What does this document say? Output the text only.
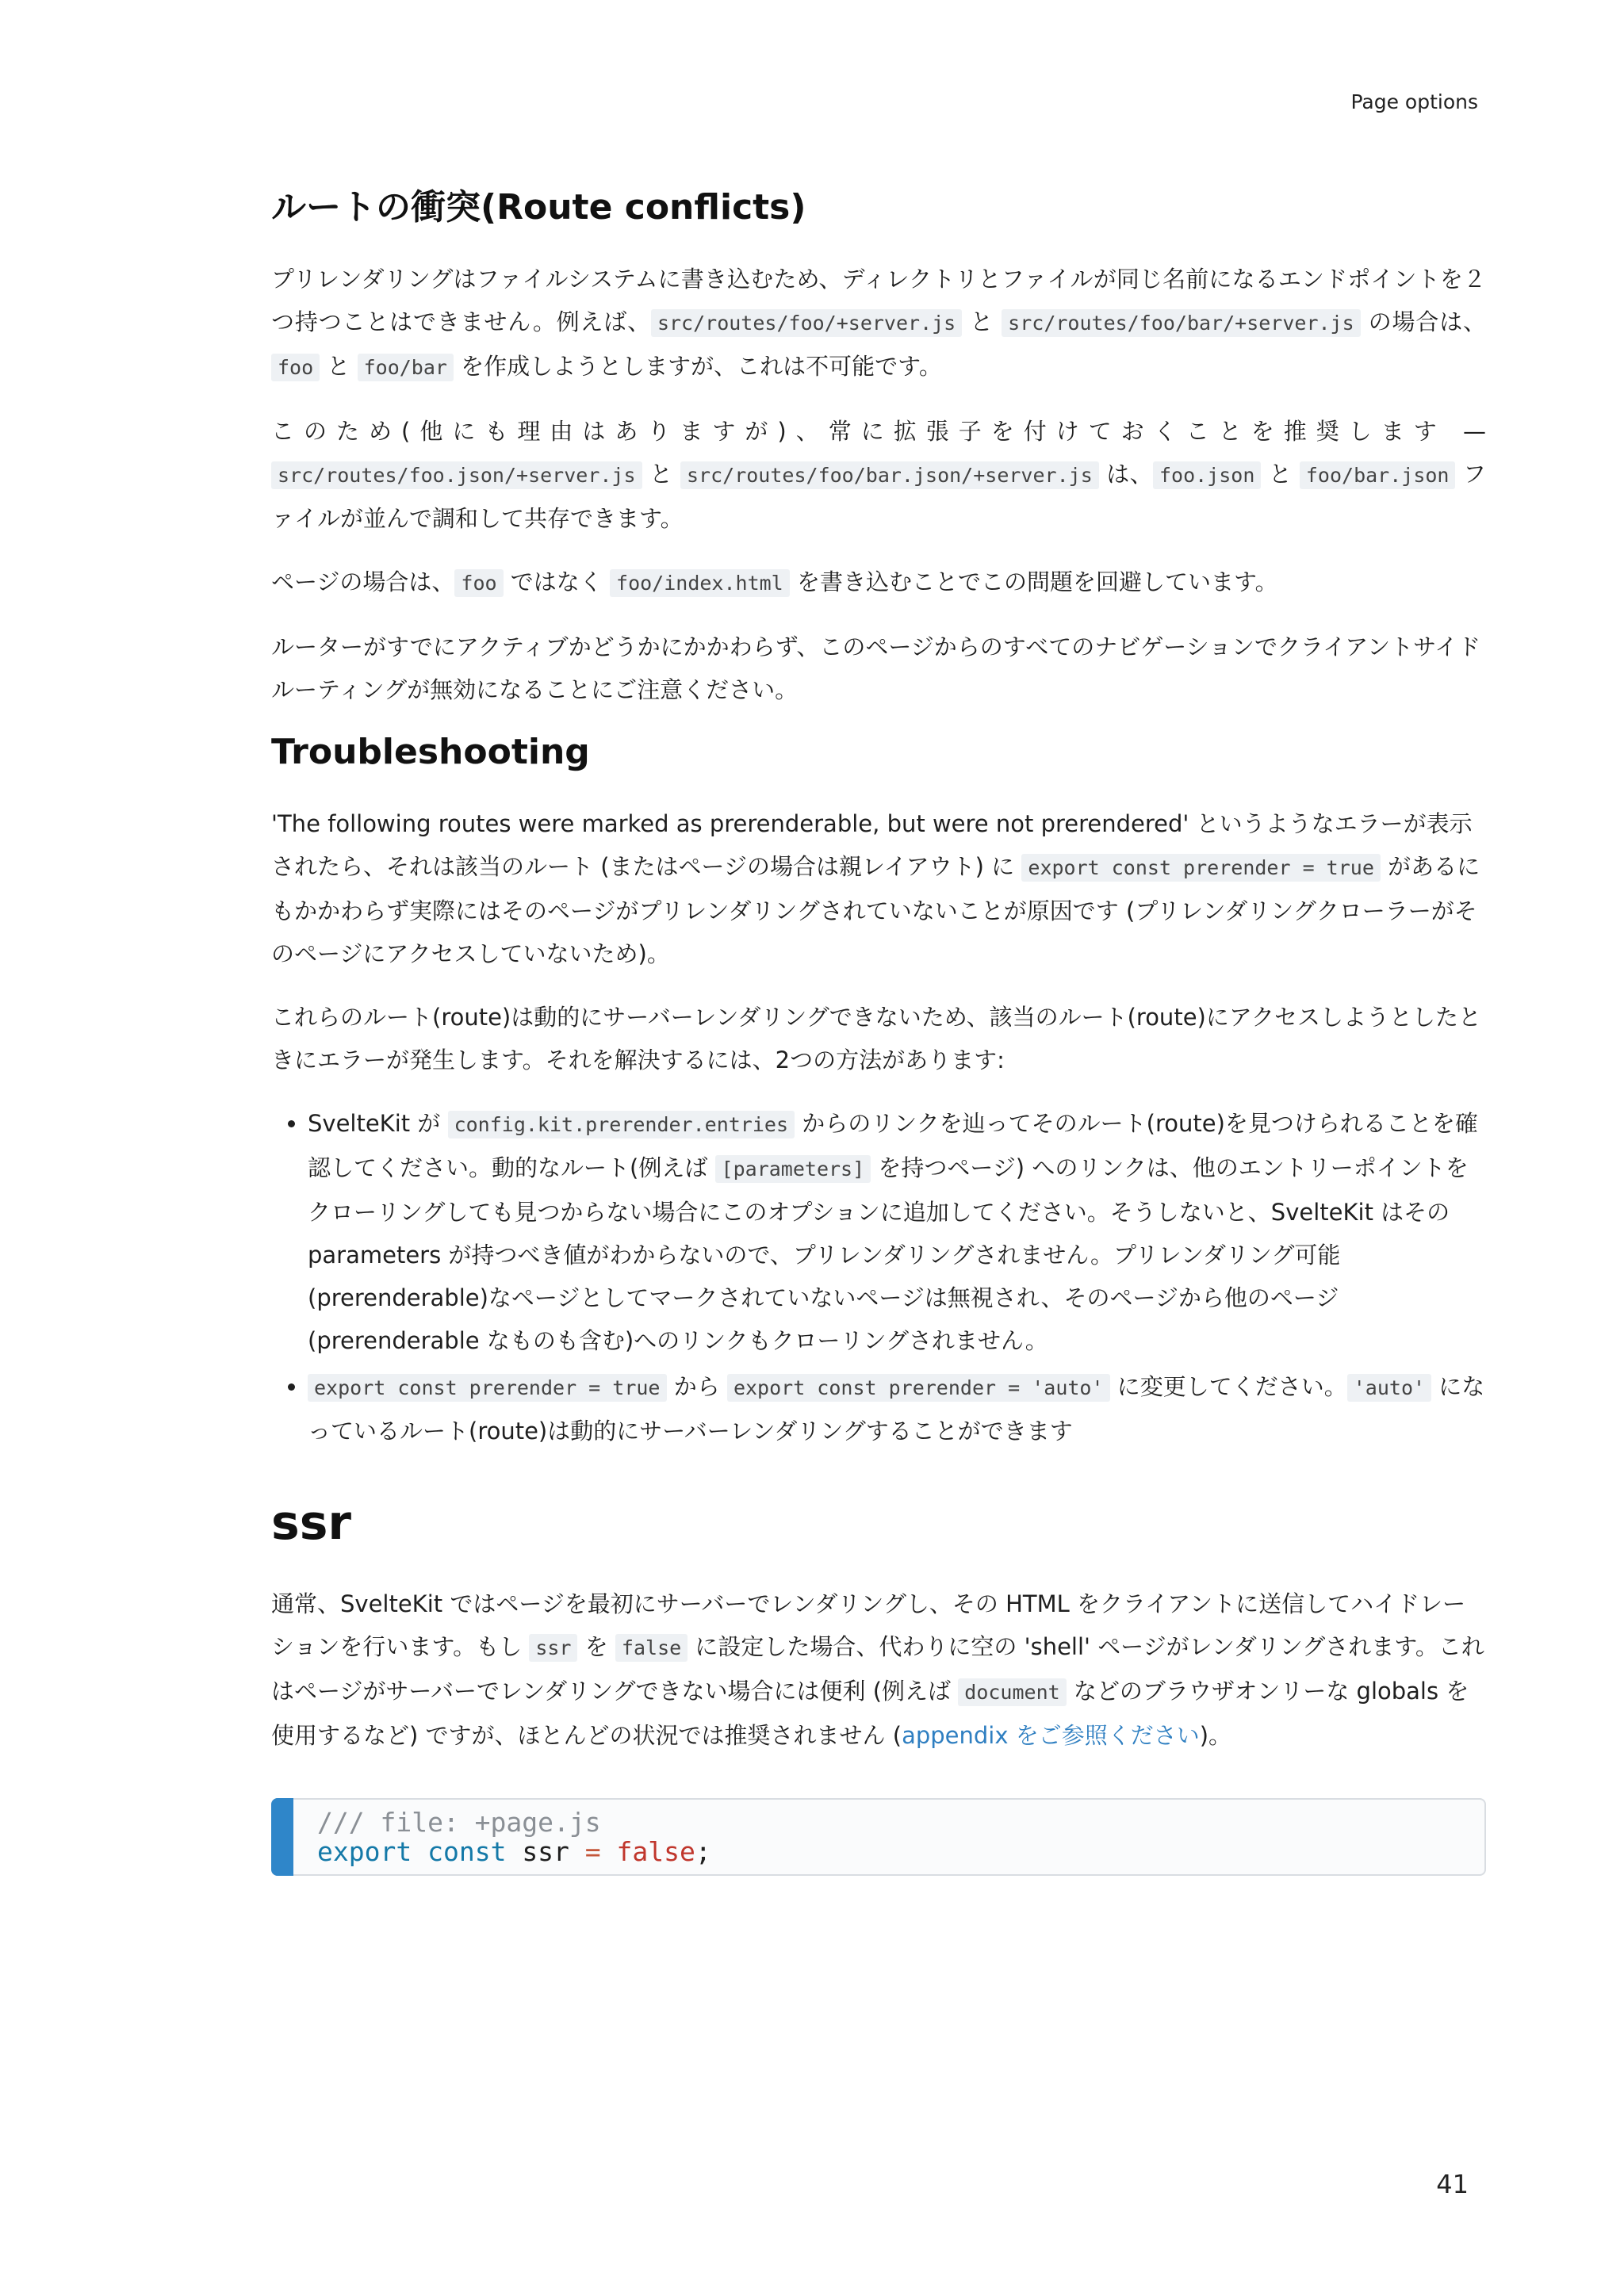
Page options
ルートの衝突(Route conflicts)

プリレンダリングはファイルシステムに書き込むため、ディレクトリとファイルが同じ名前になるエンドポイントを２つ持つことはできません。例えば、 src/routes/foo/+server.js と src/routes/foo/bar/+server.js の場合は、foo と foo/bar を作成しようとしますが、これは不可能です。

このため(他にも理由はありますが)、常に拡張子を付けておくことを推奨します — src/routes/foo.json/+server.js と src/routes/foo/bar.json/+server.js は、 foo.json と foo/bar.json ファイルが並んで調和して共存できます。

ページの場合は、 foo ではなく foo/index.html を書き込むことでこの問題を回避しています。

ルーターがすでにアクティブかどうかにかかわらず、このページからのすべてのナビゲーションでクライアントサイドルーティングが無効になることにご注意ください。

Troubleshooting

'The following routes were marked as prerenderable, but were not prerendered' というようなエラーが表示されたら、それは該当のルート (またはページの場合は親レイアウト) に export const prerender = true があるにもかかわらず実際にはそのページがプリレンダリングされていないことが原因です (プリレンダリングクローラーがそのページにアクセスしていないため)。

これらのルート(route)は動的にサーバーレンダリングできないため、該当のルート(route)にアクセスしようとしたときにエラーが発生します。それを解決するには、2つの方法があります:

• SvelteKit が config.kit.prerender.entries からのリンクを辿ってそのルート(route)を見つけられることを確認してください。動的なルート(例えば [parameters] を持つページ) へのリンクは、他のエントリーポイントをクローリングしても見つからない場合にこのオプションに追加してください。そうしないと、SvelteKit はその parameters が持つべき値がわからないので、プリレンダリングされません。プリレンダリング可能(prerenderable)なページとしてマークされていないページは無視され、そのページから他のページ(prerenderable なものも含む)へのリンクもクローリングされません。
• export const prerender = true から export const prerender = 'auto' に変更してください。 'auto' になっているルート(route)は動的にサーバーレンダリングすることができます
ssr

通常、SvelteKit ではページを最初にサーバーでレンダリングし、その HTML をクライアントに送信してハイドレーションを行います。もし ssr を false に設定した場合、代わりに空の 'shell' ページがレンダリングされます。これはページがサーバーでレンダリングできない場合には便利 (例えば document などのブラウザオンリーな globals を使用するなど) ですが、ほとんどの状況では推奨されません (appendix をご参照ください)。

/// file: +page.js
export const ssr = false;
41
